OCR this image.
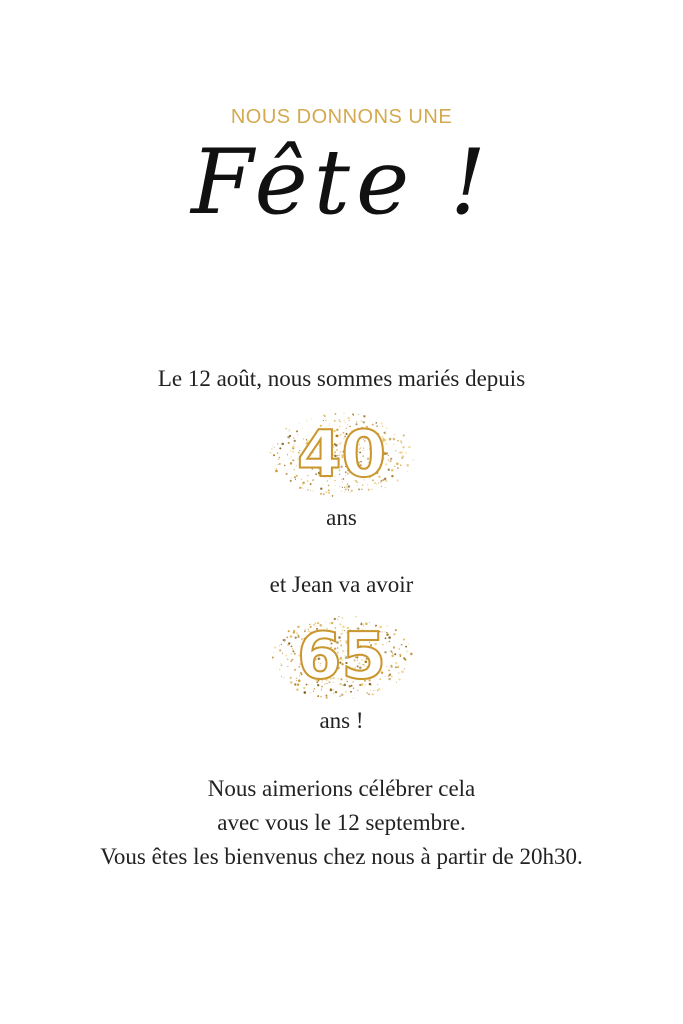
NOUS DONNONS UNE
Fête !
Le 12 août, nous sommes mariés depuis
40
ans
et Jean va avoir
65
ans !
Nous aimerions célébrer cela
avec vous le 12 septembre.
Vous êtes les bienvenus chez nous à partir de 20h30.
